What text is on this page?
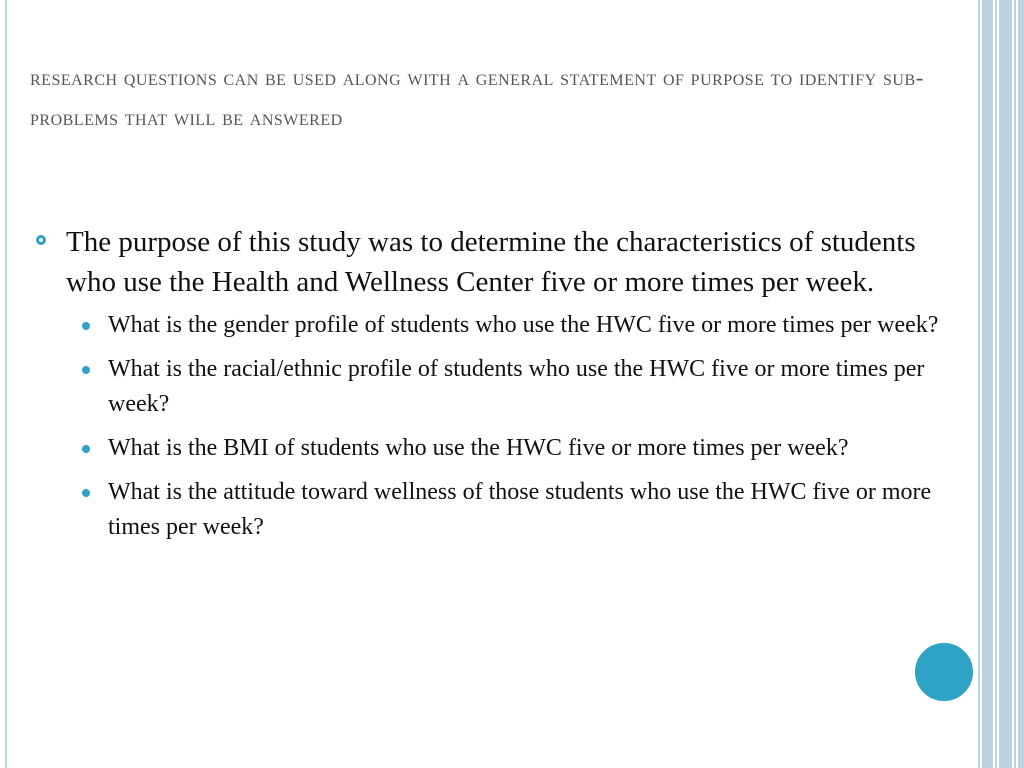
research questions can be used along with a general statement of purpose to identify sub-problems that will be answered
The purpose of this study was to determine the characteristics of students who use the Health and Wellness Center five or more times per week.
What is the gender profile of students who use the HWC five or more times per week?
What is the racial/ethnic profile of students who use the HWC five or more times per week?
What is the BMI of students who use the HWC five or more times per week?
What is the attitude toward wellness of those students who use the HWC five or more times per week?
